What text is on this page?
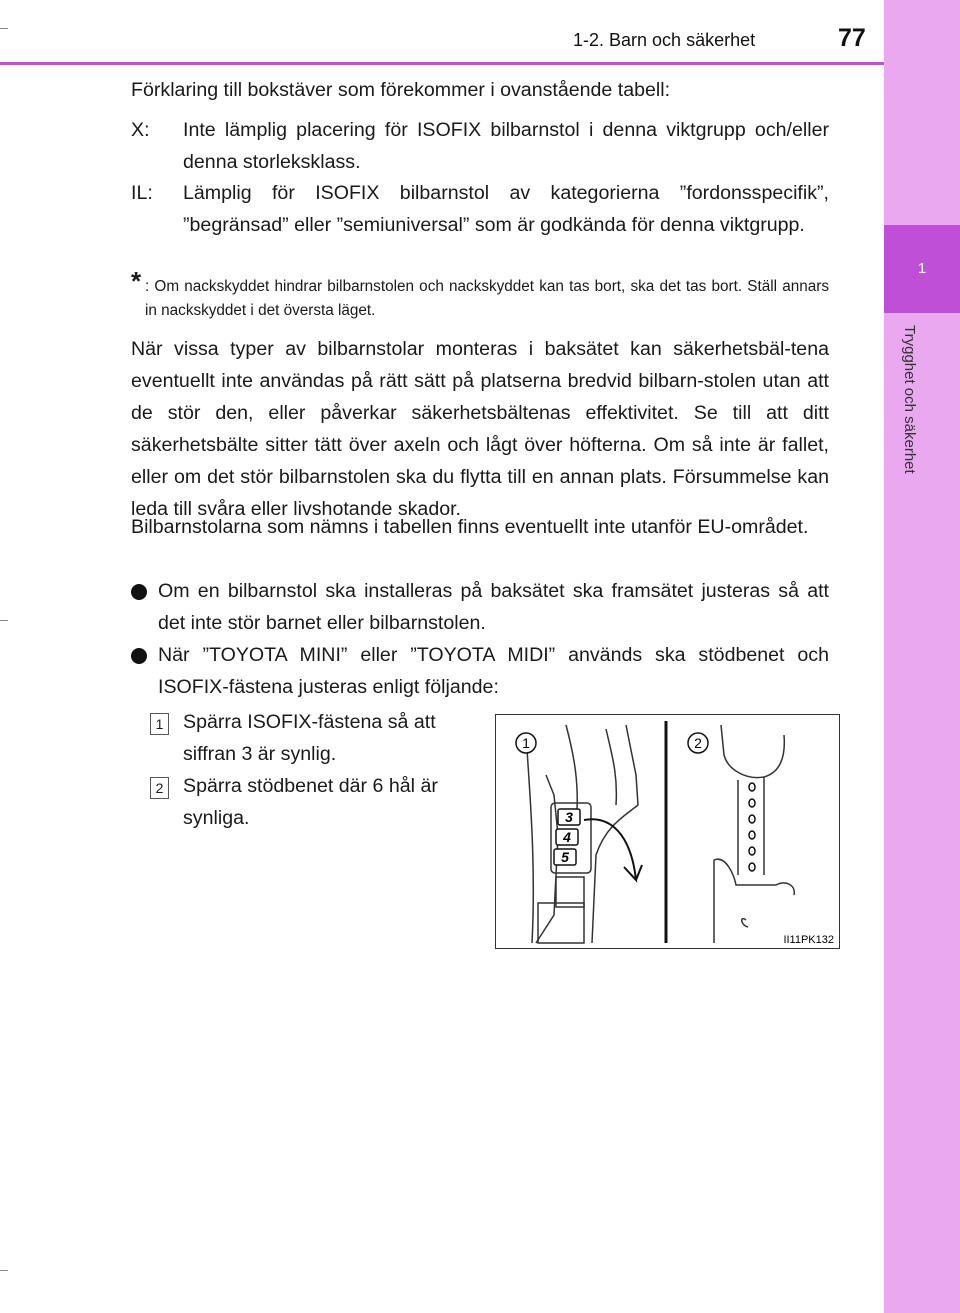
1
Trygghet och säkerhet
1-2. Barn och säkerhet	77

Förklaring till bokstäver som förekommer i ovanstående tabell:

X:	Inte lämplig placering för ISOFIX bilbarnstol i denna viktgrupp och/eller denna storleksklass.
IL:	Lämplig för ISOFIX bilbarnstol av kategorierna ”fordonsspecifik”, ”begränsad” eller ”semiuniversal” som är godkända för denna viktgrupp.
* : Om nackskyddet hindrar bilbarnstolen och nackskyddet kan tas bort, ska det tas bort. Ställ annars in nackskyddet i det översta läget.

När vissa typer av bilbarnstolar monteras i baksätet kan säkerhetsbäl-tena eventuellt inte användas på rätt sätt på platserna bredvid bilbarn-stolen utan att de stör den, eller påverkar säkerhetsbältenas effektivitet. Se till att ditt säkerhetsbälte sitter tätt över axeln och lågt över höfterna. Om så inte är fallet, eller om det stör bilbarnstolen ska du flytta till en annan plats. Försummelse kan leda till svåra eller livshotande skador.

Bilbarnstolarna som nämns i tabellen finns eventuellt inte utanför EU-området.

Om en bilbarnstol ska installeras på baksätet ska framsätet justeras så att det inte stör barnet eller bilbarnstolen.
När ”TOYOTA MINI” eller ”TOYOTA MIDI” används ska stödbenet och ISOFIX-fästena justeras enligt följande:
1 Spärra ISOFIX-fästena så att siffran 3 är synlig.
2 Spärra stödbenet där 6 hål är synliga.	3
4
5
1	2
II11PK132
